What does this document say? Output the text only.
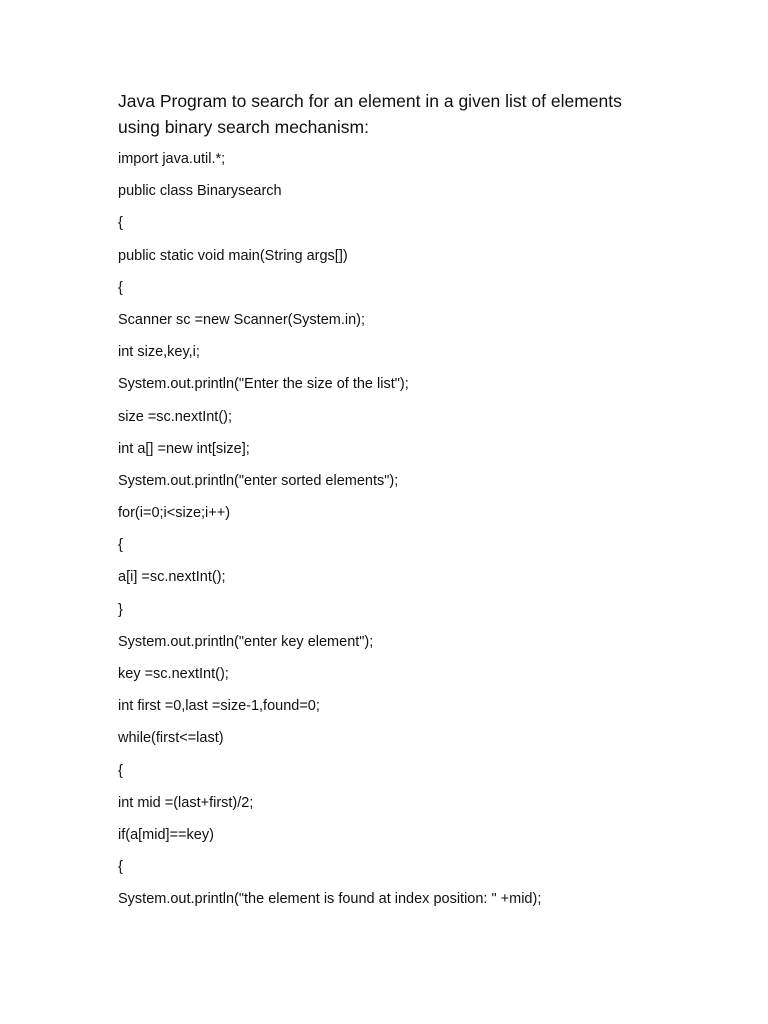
Java Program to search for an element in a given list of elements
using binary search mechanism:
import java.util.*;
public class Binarysearch
{
public static void main(String args[])
{
Scanner sc =new Scanner(System.in);
int size,key,i;
System.out.println("Enter the size of the list");
size =sc.nextInt();
int a[] =new int[size];
System.out.println("enter sorted elements");
for(i=0;i<size;i++)
{
a[i] =sc.nextInt();
}
System.out.println("enter key element");
key =sc.nextInt();
int first =0,last =size-1,found=0;
while(first<=last)
{
int mid =(last+first)/2;
if(a[mid]==key)
{
System.out.println("the element is found at index position: " +mid);
